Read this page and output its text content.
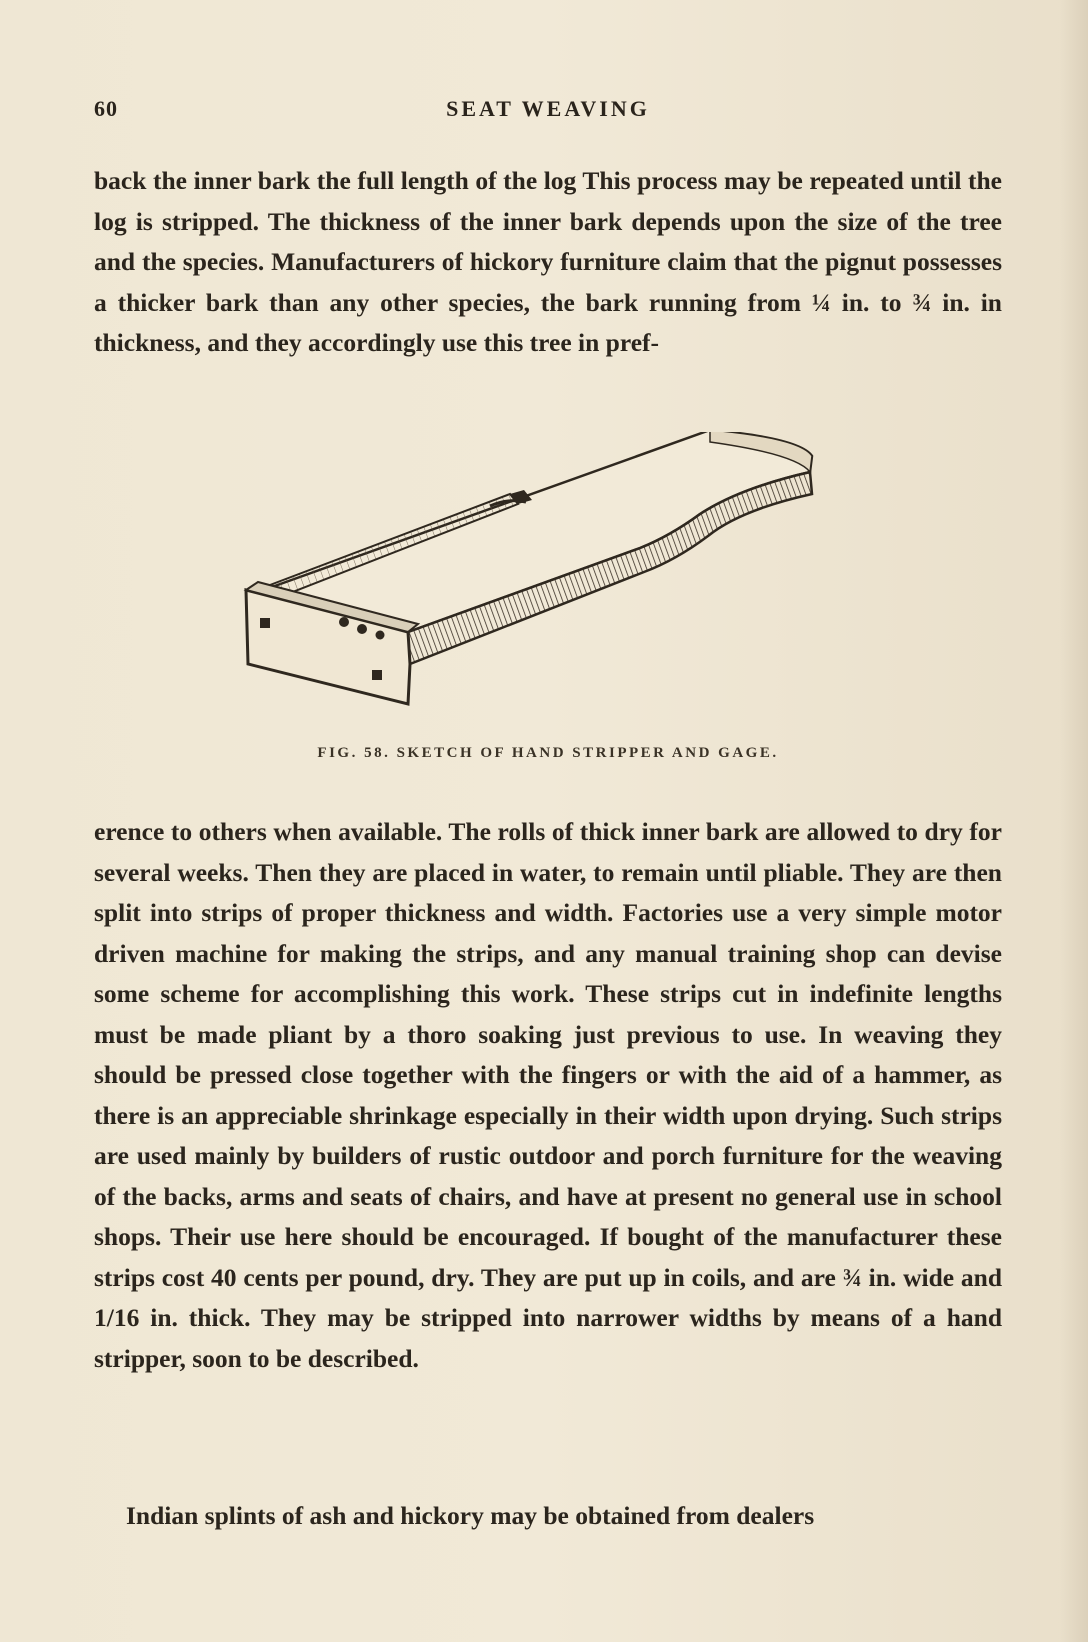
60	SEAT WEAVING

back the inner bark the full length of the log This process may be repeated until the log is stripped. The thickness of the inner bark depends upon the size of the tree and the species. Manufacturers of hickory furniture claim that the pignut possesses a thicker bark than any other species, the bark running from ¼ in. to ¾ in. in thickness, and they accordingly use this tree in pref-

FIG. 58. SKETCH OF HAND STRIPPER AND GAGE.

erence to others when available. The rolls of thick inner bark are allowed to dry for several weeks. Then they are placed in water, to remain until pliable. They are then split into strips of proper thickness and width. Factories use a very simple motor driven machine for making the strips, and any manual training shop can devise some scheme for accomplishing this work. These strips cut in indefinite lengths must be made pliant by a thoro soaking just previous to use. In weaving they should be pressed close together with the fingers or with the aid of a hammer, as there is an appreciable shrinkage especially in their width upon drying. Such strips are used mainly by builders of rustic outdoor and porch furniture for the weaving of the backs, arms and seats of chairs, and have at present no general use in school shops. Their use here should be encouraged. If bought of the manufacturer these strips cost 40 cents per pound, dry. They are put up in coils, and are ¾ in. wide and 1/16 in. thick. They may be stripped into narrower widths by means of a hand stripper, soon to be described.

Indian splints of ash and hickory may be obtained from dealers
